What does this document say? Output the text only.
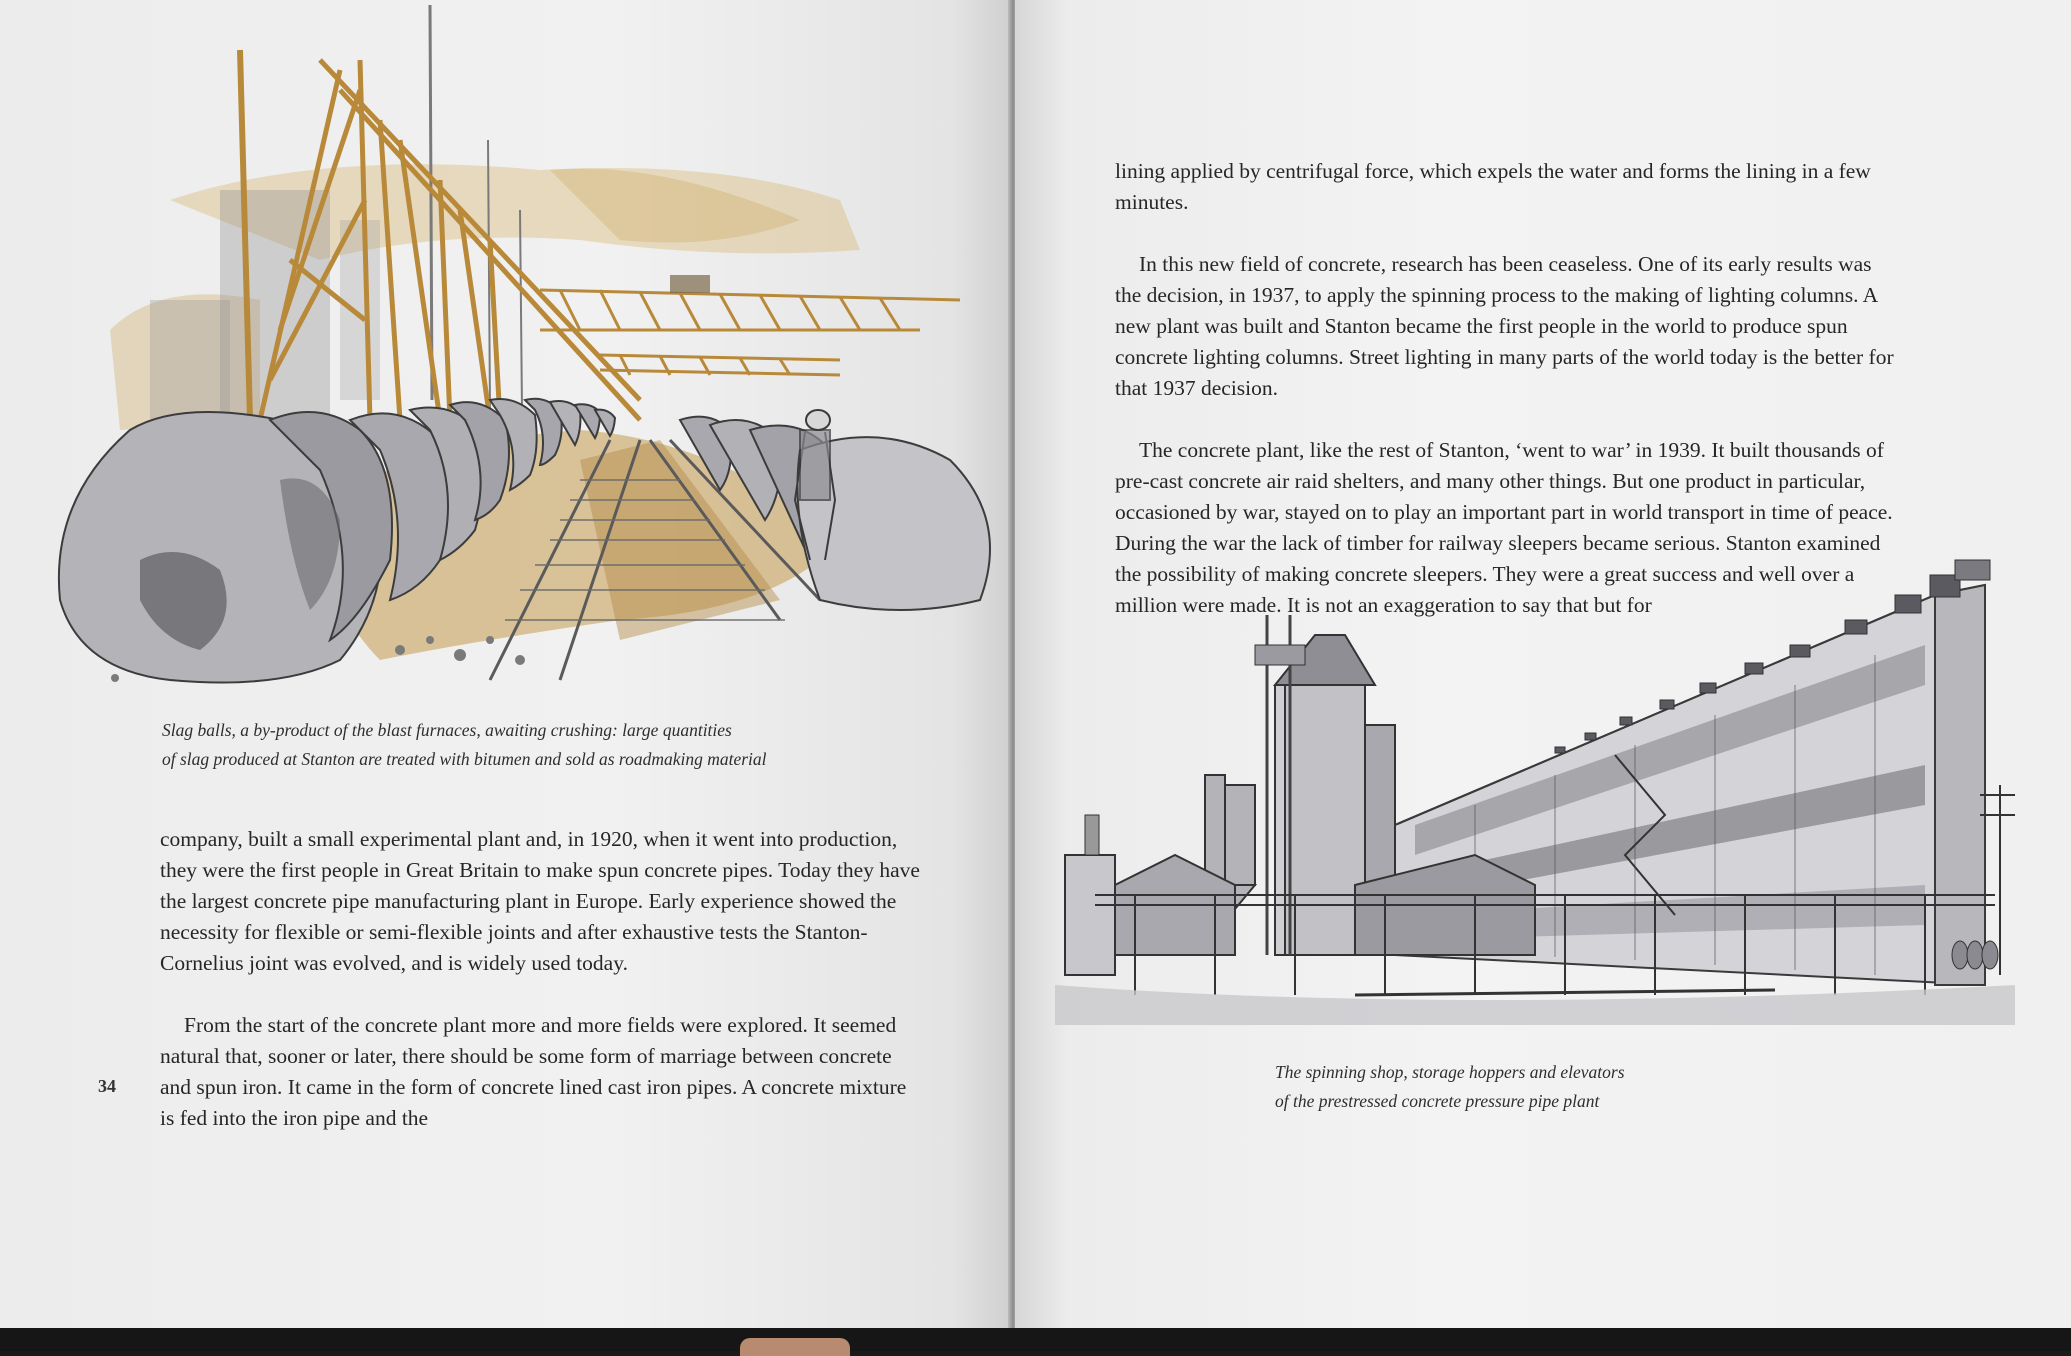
Slag balls, a by-product of the blast furnaces, awaiting crushing: large quantities
of slag produced at Stanton are treated with bitumen and sold as roadmaking material

company, built a small experimental plant and, in 1920, when it went into production, they were the first people in Great Britain to make spun concrete pipes. Today they have the largest concrete pipe manufacturing plant in Europe. Early experience showed the necessity for flexible or semi-flexible joints and after exhaustive tests the Stanton-Cornelius joint was evolved, and is widely used today.

From the start of the concrete plant more and more fields were explored. It seemed natural that, sooner or later, there should be some form of marriage between concrete and spun iron. It came in the form of concrete lined cast iron pipes. A concrete mixture is fed into the iron pipe and the

34

lining applied by centrifugal force, which expels the water and forms the lining in a few minutes.

In this new field of concrete, research has been ceaseless. One of its early results was the decision, in 1937, to apply the spinning process to the making of lighting columns. A new plant was built and Stanton became the first people in the world to produce spun concrete lighting columns. Street lighting in many parts of the world today is the better for that 1937 decision.

The concrete plant, like the rest of Stanton, ‘went to war’ in 1939. It built thousands of pre-cast concrete air raid shelters, and many other things. But one product in particular, occasioned by war, stayed on to play an important part in world transport in time of peace. During the war the lack of timber for railway sleepers became serious. Stanton examined the possibility of making concrete sleepers. They were a great success and well over a million were made. It is not an exaggeration to say that but for

The spinning shop, storage hoppers and elevators
of the prestressed concrete pressure pipe plant
